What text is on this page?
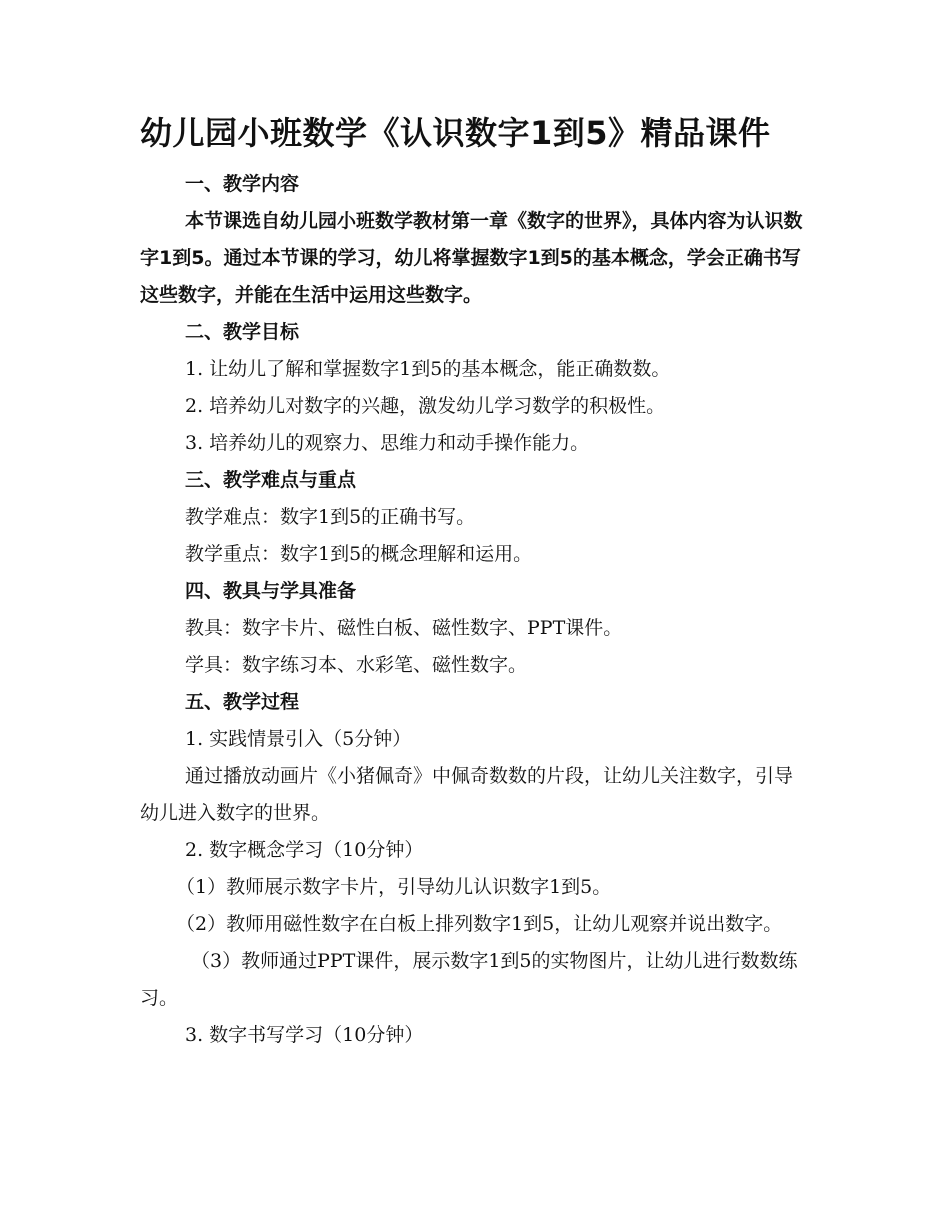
幼儿园小班数学《认识数字1到5》精品课件

一、教学内容

本节课选自幼儿园小班数学教材第一章《数字的世界》，具体内容为认识数字1到5。通过本节课的学习，幼儿将掌握数字1到5的基本概念，学会正确书写这些数字，并能在生活中运用这些数字。

二、教学目标

1. 让幼儿了解和掌握数字1到5的基本概念，能正确数数。

2. 培养幼儿对数字的兴趣，激发幼儿学习数学的积极性。

3. 培养幼儿的观察力、思维力和动手操作能力。

三、教学难点与重点

教学难点：数字1到5的正确书写。

教学重点：数字1到5的概念理解和运用。

四、教具与学具准备

教具：数字卡片、磁性白板、磁性数字、PPT课件。

学具：数字练习本、水彩笔、磁性数字。

五、教学过程

1. 实践情景引入（5分钟）

通过播放动画片《小猪佩奇》中佩奇数数的片段，让幼儿关注数字，引导幼儿进入数字的世界。

2. 数字概念学习（10分钟）

（1）教师展示数字卡片，引导幼儿认识数字1到5。

（2）教师用磁性数字在白板上排列数字1到5，让幼儿观察并说出数字。

（3）教师通过PPT课件，展示数字1到5的实物图片，让幼儿进行数数练习。

3. 数字书写学习（10分钟）
